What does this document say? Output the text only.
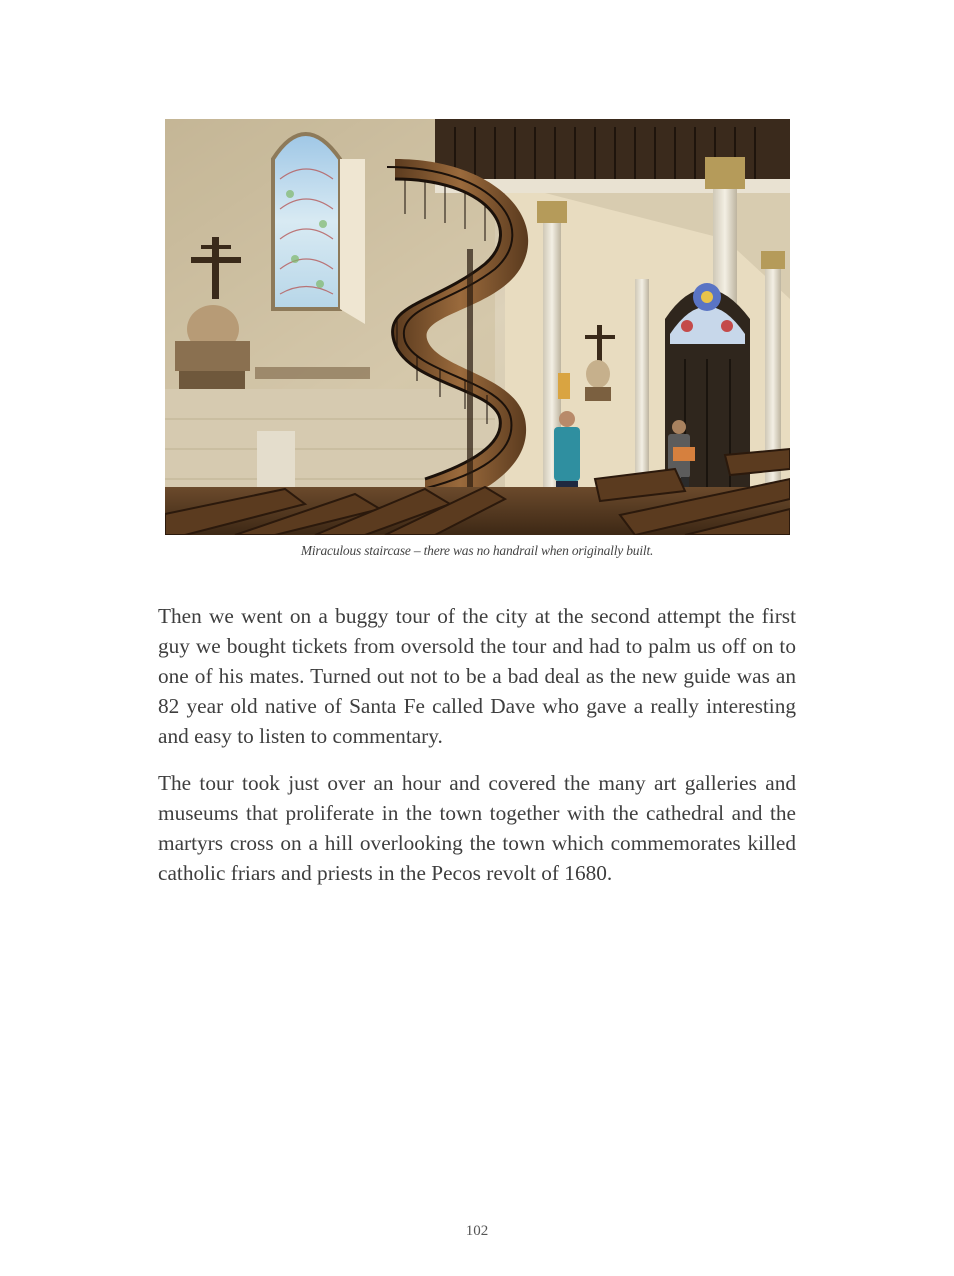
Miraculous staircase – there was no handrail when originally built.

Then we went on a buggy tour of the city at the second attempt the first guy we bought tickets from oversold the tour and had to palm us off on to one of his mates. Turned out not to be a bad deal as the new guide was an 82 year old native of Santa Fe called Dave who gave a really interesting and easy to listen to commentary.

The tour took just over an hour and covered the many art galleries and museums that proliferate in the town together with the cathedral and the martyrs cross on a hill overlooking the town which commemorates killed catholic friars and priests in the Pecos revolt of 1680.

102
